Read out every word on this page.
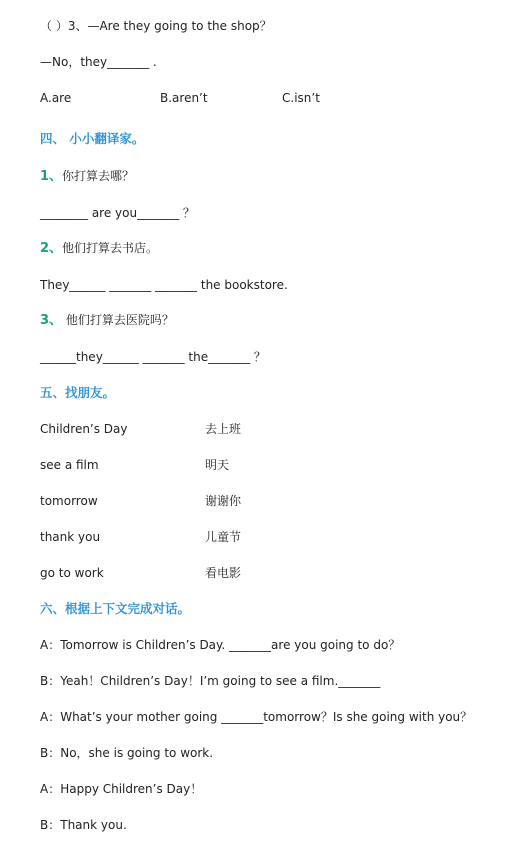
（ ）3、—Are they going to the shop？
—No，they_______ .
A.are	B.aren’t	C.isn’t
四、 小小翻译家。
1、你打算去哪？
________ are you_______ ？
2、他们打算去书店。
They______ _______ _______ the bookstore.
3、 他们打算去医院吗？
______they______ _______ the_______ ？
五、找朋友。
Children’s Day	去上班
see a film	明天
tomorrow	谢谢你
thank you	儿童节
go to work	看电影
六、根据上下文完成对话。
A：Tomorrow is Children’s Day. _______are you going to do？
B：Yeah！Children’s Day！I’m going to see a film._______
A：What’s your mother going _______tomorrow？Is she going with you？
B：No，she is going to work.
A：Happy Children’s Day！
B：Thank you.
